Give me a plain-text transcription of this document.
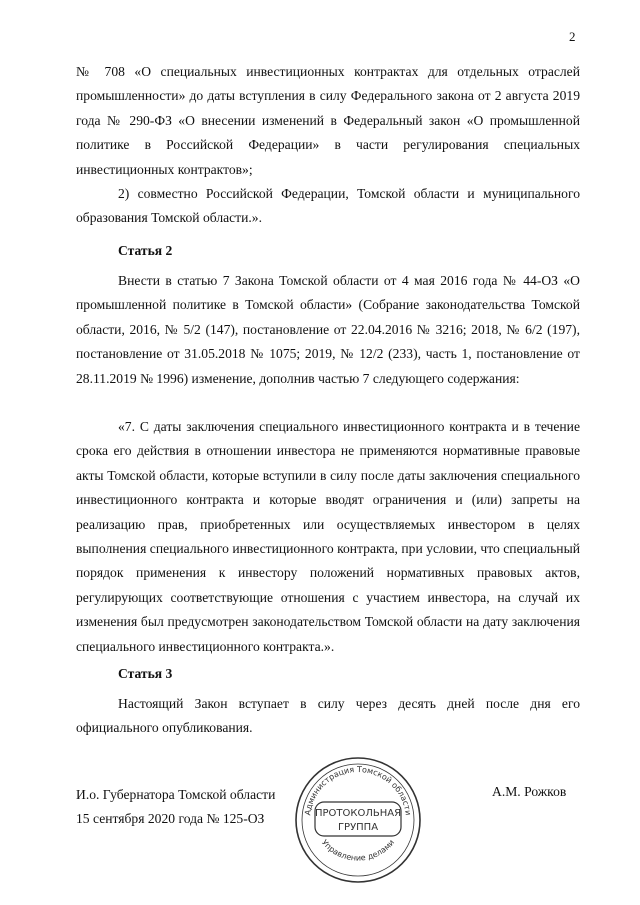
2
№ 708 «О специальных инвестиционных контрактах для отдельных отраслей промышленности» до даты вступления в силу Федерального закона от 2 августа 2019 года № 290-ФЗ «О внесении изменений в Федеральный закон «О промышленной политике в Российской Федерации» в части регулирования специальных инвестиционных контрактов»;
2) совместно Российской Федерации, Томской области и муниципального образования Томской области.».
Статья 2
Внести в статью 7 Закона Томской области от 4 мая 2016 года № 44-ОЗ «О промышленной политике в Томской области» (Собрание законодательства Томской области, 2016, № 5/2 (147), постановление от 22.04.2016 № 3216; 2018, № 6/2 (197), постановление от 31.05.2018 № 1075; 2019, № 12/2 (233), часть 1, постановление от 28.11.2019 № 1996) изменение, дополнив частью 7 следующего содержания:
«7. С даты заключения специального инвестиционного контракта и в течение срока его действия в отношении инвестора не применяются нормативные правовые акты Томской области, которые вступили в силу после даты заключения специального инвестиционного контракта и которые вводят ограничения и (или) запреты на реализацию прав, приобретенных или осуществляемых инвестором в целях выполнения специального инвестиционного контракта, при условии, что специальный порядок применения к инвестору положений нормативных правовых актов, регулирующих соответствующие отношения с участием инвестора, на случай их изменения был предусмотрен законодательством Томской области на дату заключения специального инвестиционного контракта.».
Статья 3
Настоящий Закон вступает в силу через десять дней после дня его официального опубликования.
И.о. Губернатора Томской области
15 сентября 2020 года № 125-ОЗ
А.М. Рожков
Администрация Томской области
ПРОТОКОЛЬНАЯ
ГРУППА
Управление делами
